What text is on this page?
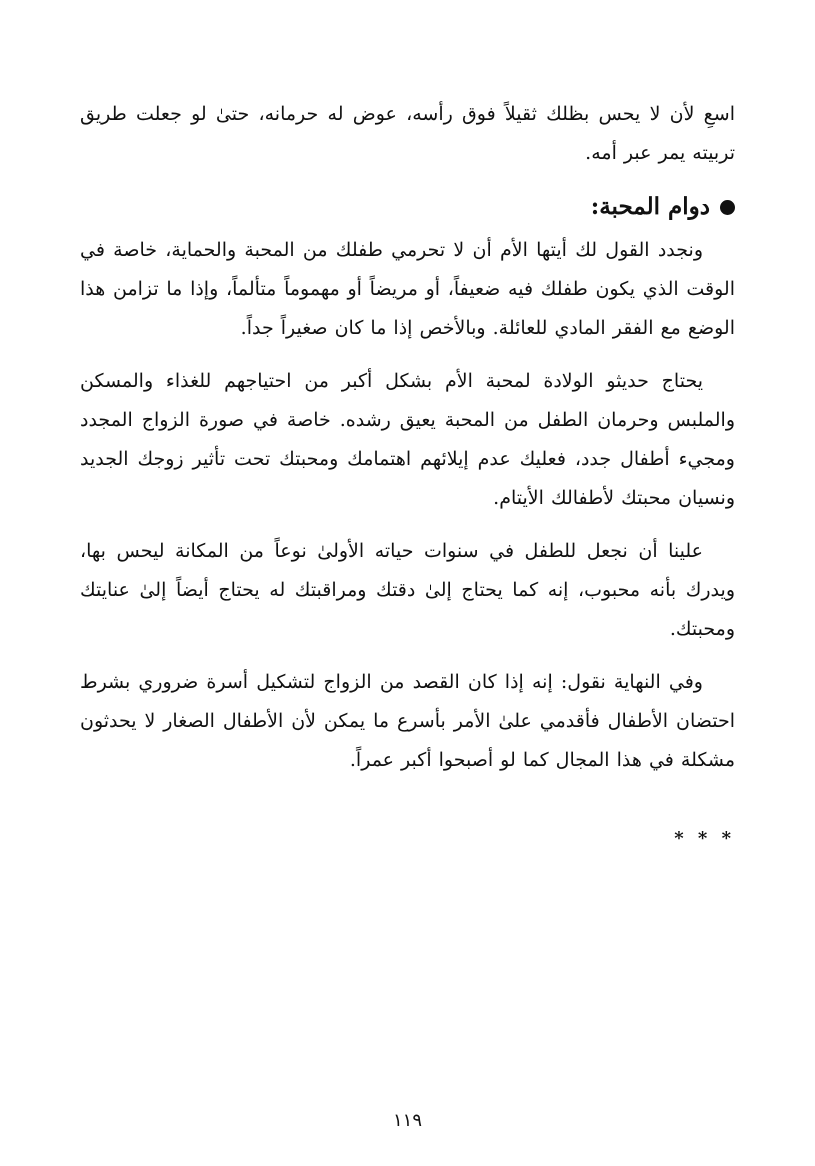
اسعِ لأن لا يحس بظلك ثقيلاً فوق رأسه، عوض له حرمانه، حتىٰ لو جعلت طريق تربيته يمر عبر أمه.

دوام المحبة:

ونجدد القول لك أيتها الأم أن لا تحرمي طفلك من المحبة والحماية، خاصة في الوقت الذي يكون طفلك فيه ضعيفاً، أو مريضاً أو مهموماً متألماً، وإذا ما تزامن هذا الوضع مع الفقر المادي للعائلة. وبالأخص إذا ما كان صغيراً جداً.

يحتاج حديثو الولادة لمحبة الأم بشكل أكبر من احتياجهم للغذاء والمسكن والملبس وحرمان الطفل من المحبة يعيق رشده. خاصة في صورة الزواج المجدد ومجيء أطفال جدد، فعليك عدم إيلائهم اهتمامك ومحبتك تحت تأثير زوجك الجديد ونسيان محبتك لأطفالك الأيتام.

علينا أن نجعل للطفل في سنوات حياته الأولىٰ نوعاً من المكانة ليحس بها، ويدرك بأنه محبوب، إنه كما يحتاج إلىٰ دقتك ومراقبتك له يحتاج أيضاً إلىٰ عنايتك ومحبتك.

وفي النهاية نقول: إنه إذا كان القصد من الزواج لتشكيل أسرة ضروري بشرط احتضان الأطفال فأقدمي علىٰ الأمر بأسرع ما يمكن لأن الأطفال الصغار لا يحدثون مشكلة في هذا المجال كما لو أصبحوا أكبر عمراً.

* * *
١١٩
